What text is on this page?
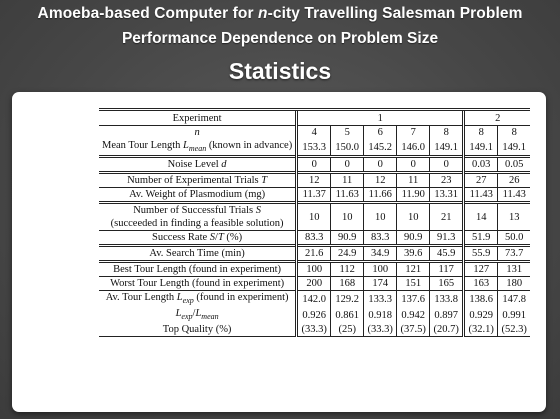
Amoeba-based Computer for n-city Travelling Salesman Problem
Performance Dependence on Problem Size
Statistics
Experiment	1					2	
n	4	5	6	7	8	8	8
Mean Tour Length $L_{mean}$ (known in advance)	153.3	150.0	145.2	146.0	149.1	149.1	149.1
Noise Level d	0	0	0	0	0	0.03	0.05
Number of Experimental Trials T	12	11	12	11	23	27	26
Av. Weight of Plasmodium (mg)	11.37	11.63	11.66	11.90	13.31	11.43	11.43
Number of Successful Trials S
(succeeded in finding a feasible solution)	10	10	10	10	21	14	13
Success Rate S/T (%)	83.3	90.9	83.3	90.9	91.3	51.9	50.0
Av. Search Time (min)	21.6	24.9	34.9	39.6	45.9	55.9	73.7
Best Tour Length (found in experiment)	100	112	100	121	117	127	131
Worst Tour Length (found in experiment)	200	168	174	151	165	163	180
Av. Tour Length $L_{exp}$ (found in experiment)	142.0	129.2	133.3	137.6	133.8	138.6	147.8
$L_{exp}/L_{mean}$	0.926	0.861	0.918	0.942	0.897	0.929	0.991
Top Quality (%)	(33.3)	(25)	(33.3)	(37.5)	(20.7)	(32.1)	(52.3)
